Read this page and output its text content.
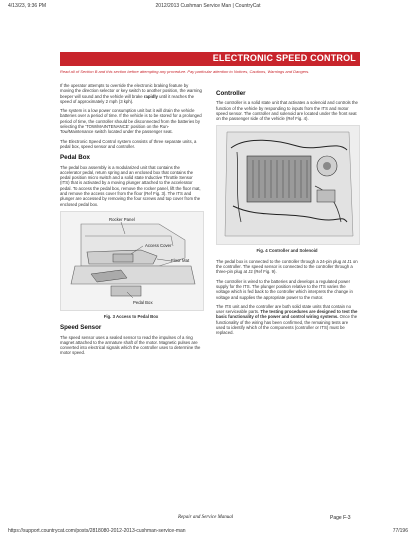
4/13/23, 9:36 PM	2012/2013 Cushman Service Man | CountryCat
ELECTRONIC SPEED CONTROL
Read all of Section B and this section before attempting any procedure. Pay particular attention to Notices, Cautions, Warnings and Dangers.

If the operator attempts to override the electronic braking feature by moving the direction selector or key switch to another position, the warning beeper will sound and the vehicle will brake rapidly until it reaches the speed of approximately 2 mph (3 kph).

The system is a low power consumption unit but it will drain the vehicle batteries over a period of time. If the vehicle is to be stored for a prolonged period of time, the controller should be disconnected from the batteries by selecting the 'TOW/MAINTENANCE' position on the Run-Tow/Maintenance switch located under the passenger seat.

The Electronic Speed Control system consists of three separate units, a pedal box, speed sensor and controller.

Pedal Box

The pedal box assembly is a modularized unit that contains the accelerator pedal, return spring and an enclosed box that contains the pedal position micro switch and a solid state Inductive Throttle Sensor (ITS) that is activated by a moving plunger attached to the accelerator pedal. To access the pedal box, remove the rocker panel, lift the floor mat, and remove the access cover from the floor (Ref Fig. 3). The ITS and plunger are accessed by removing the four screws and top cover from the enclosed pedal box.

Rocker Panel
Access Cover
Floor Mat
Pedal Box
Fig. 3 Access to Pedal Box
Speed Sensor

The speed sensor uses a sealed sensor to read the impulses of a ring magnet attached to the armature shaft of the motor. Magnetic pulses are converted into electrical signals which the controller uses to determine the motor speed.

Controller

The controller is a solid state unit that activates a solenoid and controls the function of the vehicle by responding to inputs from the ITS and motor speed sensor. The controller and solenoid are located under the front seat on the passenger side of the vehicle (Ref Fig. 4).

Fig. 4 Controller and Solenoid

The pedal box is connected to the controller through a 24-pin plug at J1 on the controller. The speed sensor is connected to the controller through a three-pin plug at J2 (Ref Fig. 9).

The controller is wired to the batteries and develops a regulated power supply for the ITS. The plunger position relative to the ITS varies the voltage which is fed back to the controller which interprets the change in voltage and supplies the appropriate power to the motor.

The ITS unit and the controller are both solid state units that contain no user serviceable parts. The testing procedures are designed to test the basic functionality of the power and control wiring systems. Once the functionality of the wiring has been confirmed, the remaining tests are used to identify which of the components (controller or ITS) must be replaced.

Repair and Service Manual	Page F-3
https://support.countrycat.com/posts/2818080-2012-2013-cushman-service-man	77/196
